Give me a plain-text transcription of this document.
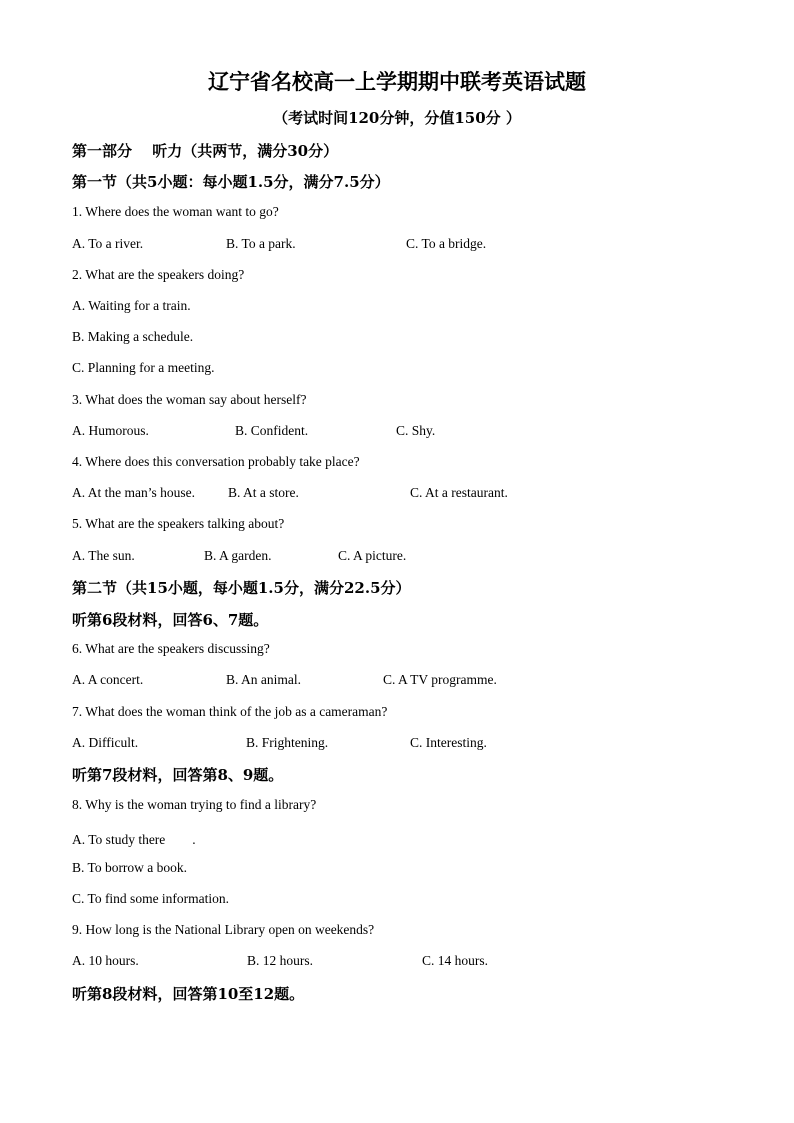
辽宁省名校高一上学期期中联考英语试题
（考试时间120分钟，分值150分 ）
第一部分　 听力（共两节，满分30分）
第一节（共5小题：每小题1.5分，满分7.5分）
1. Where does the woman want to go?
A. To a river.	B. To a park.	C. To a bridge.
2. What are the speakers doing?
A. Waiting for a train.
B. Making a schedule.
C. Planning for a meeting.
3. What does the woman say about herself?
A. Humorous.	B. Confident.	C. Shy.
4. Where does this conversation probably take place?
A. At the man’s house. B. At a store.	C. At a restaurant.
5. What are the speakers talking about?
A. The sun.	B. A garden.	C. A picture.
第二节（共15小题，每小题1.5分，满分22.5分）
听第6段材料，回答6、7题。
6. What are the speakers discussing?
A. A concert.	B. An animal.	C. A TV programme.
7. What does the woman think of the job as a cameraman?
A. Difficult.	B. Frightening.	C. Interesting.
听第7段材料，回答第8、9题。
8. Why is the woman trying to find a library?
A. To study there　　.
B. To borrow a book.
C. To find some information.
9. How long is the National Library open on weekends?
A. 10 hours.	B. 12 hours.	C. 14 hours.
听第8段材料，回答第10至12题。
